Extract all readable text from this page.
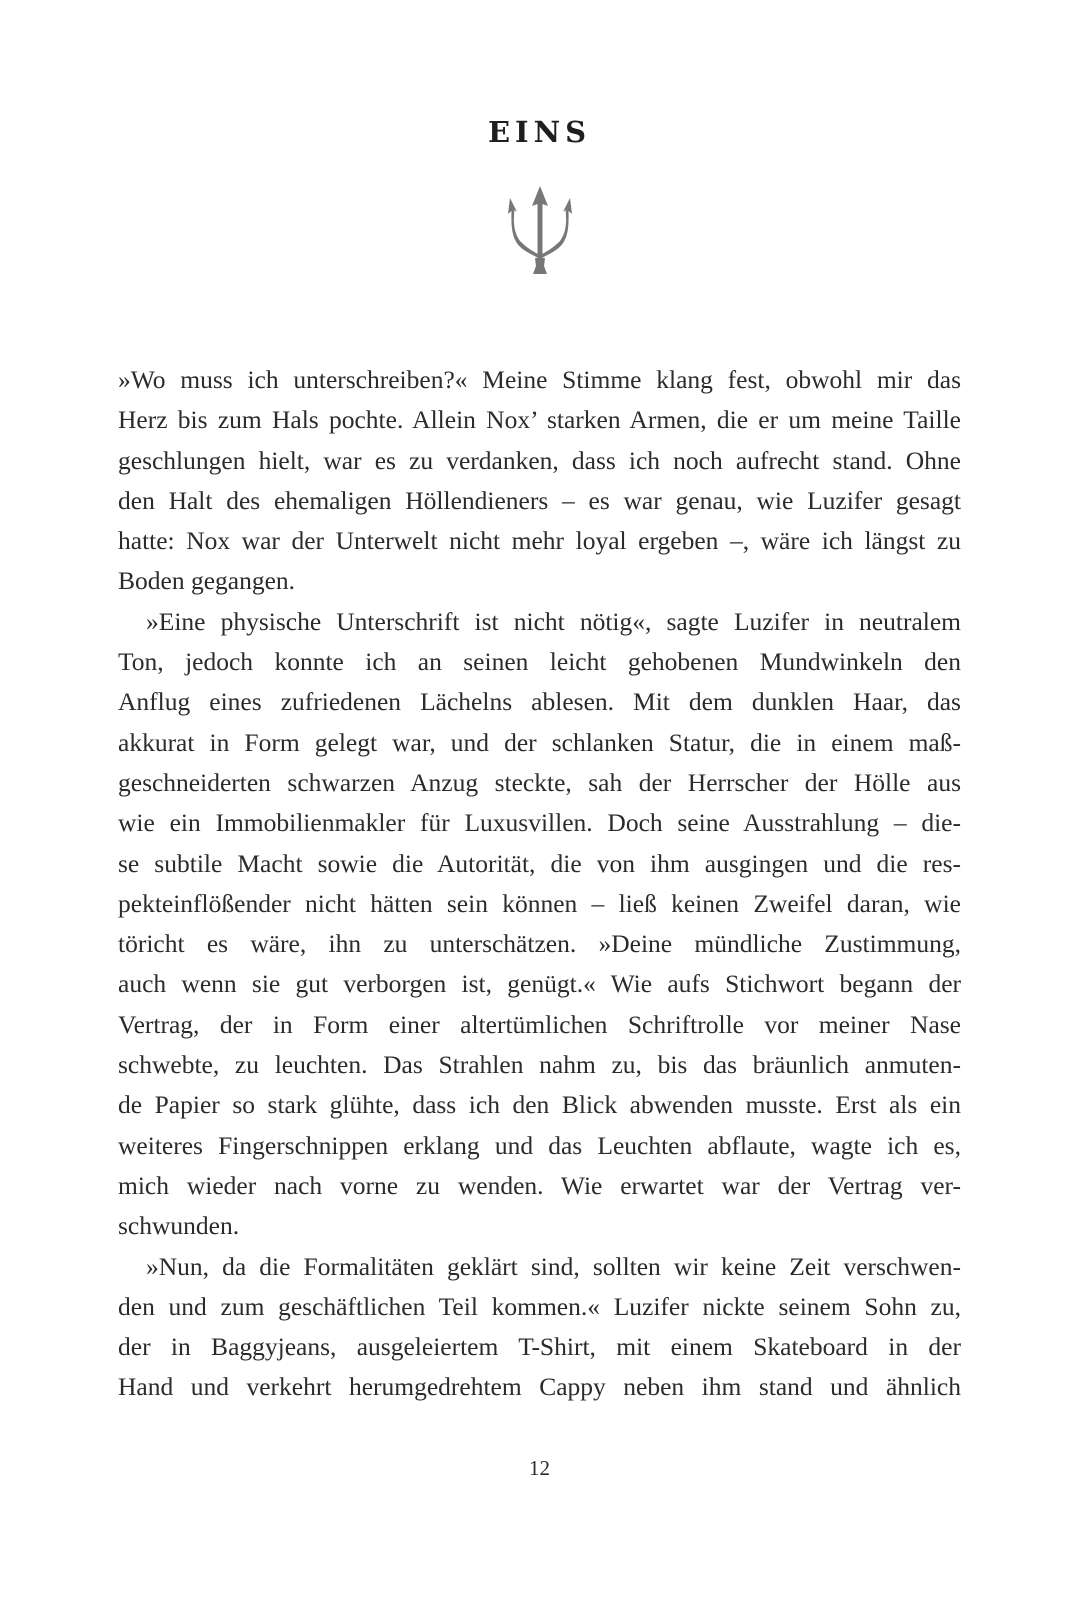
EINS
»Wo muss ich unterschreiben?« Meine Stimme klang fest, obwohl mir das
Herz bis zum Hals pochte. Allein Nox’ starken Armen, die er um meine Taille
geschlungen hielt, war es zu verdanken, dass ich noch aufrecht stand. Ohne
den Halt des ehemaligen Höllendieners – es war genau, wie Luzifer gesagt
hatte: Nox war der Unterwelt nicht mehr loyal ergeben –, wäre ich längst zu
Boden gegangen.
»Eine physische Unterschrift ist nicht nötig«, sagte Luzifer in neutralem
Ton, jedoch konnte ich an seinen leicht gehobenen Mundwinkeln den
Anflug eines zufriedenen Lächelns ablesen. Mit dem dunklen Haar, das
akkurat in Form gelegt war, und der schlanken Statur, die in einem maß-
geschneiderten schwarzen Anzug steckte, sah der Herrscher der Hölle aus
wie ein Immobilienmakler für Luxusvillen. Doch seine Ausstrahlung – die-
se subtile Macht sowie die Autorität, die von ihm ausgingen und die res-
pekteinflößender nicht hätten sein können – ließ keinen Zweifel daran, wie
töricht es wäre, ihn zu unterschätzen. »Deine mündliche Zustimmung,
auch wenn sie gut verborgen ist, genügt.« Wie aufs Stichwort begann der
Vertrag, der in Form einer altertümlichen Schriftrolle vor meiner Nase
schwebte, zu leuchten. Das Strahlen nahm zu, bis das bräunlich anmuten-
de Papier so stark glühte, dass ich den Blick abwenden musste. Erst als ein
weiteres Fingerschnippen erklang und das Leuchten abflaute, wagte ich es,
mich wieder nach vorne zu wenden. Wie erwartet war der Vertrag ver-
schwunden.
»Nun, da die Formalitäten geklärt sind, sollten wir keine Zeit verschwen-
den und zum geschäftlichen Teil kommen.« Luzifer nickte seinem Sohn zu,
der in Baggyjeans, ausgeleiertem T-Shirt, mit einem Skateboard in der
Hand und verkehrt herumgedrehtem Cappy neben ihm stand und ähnlich
12
